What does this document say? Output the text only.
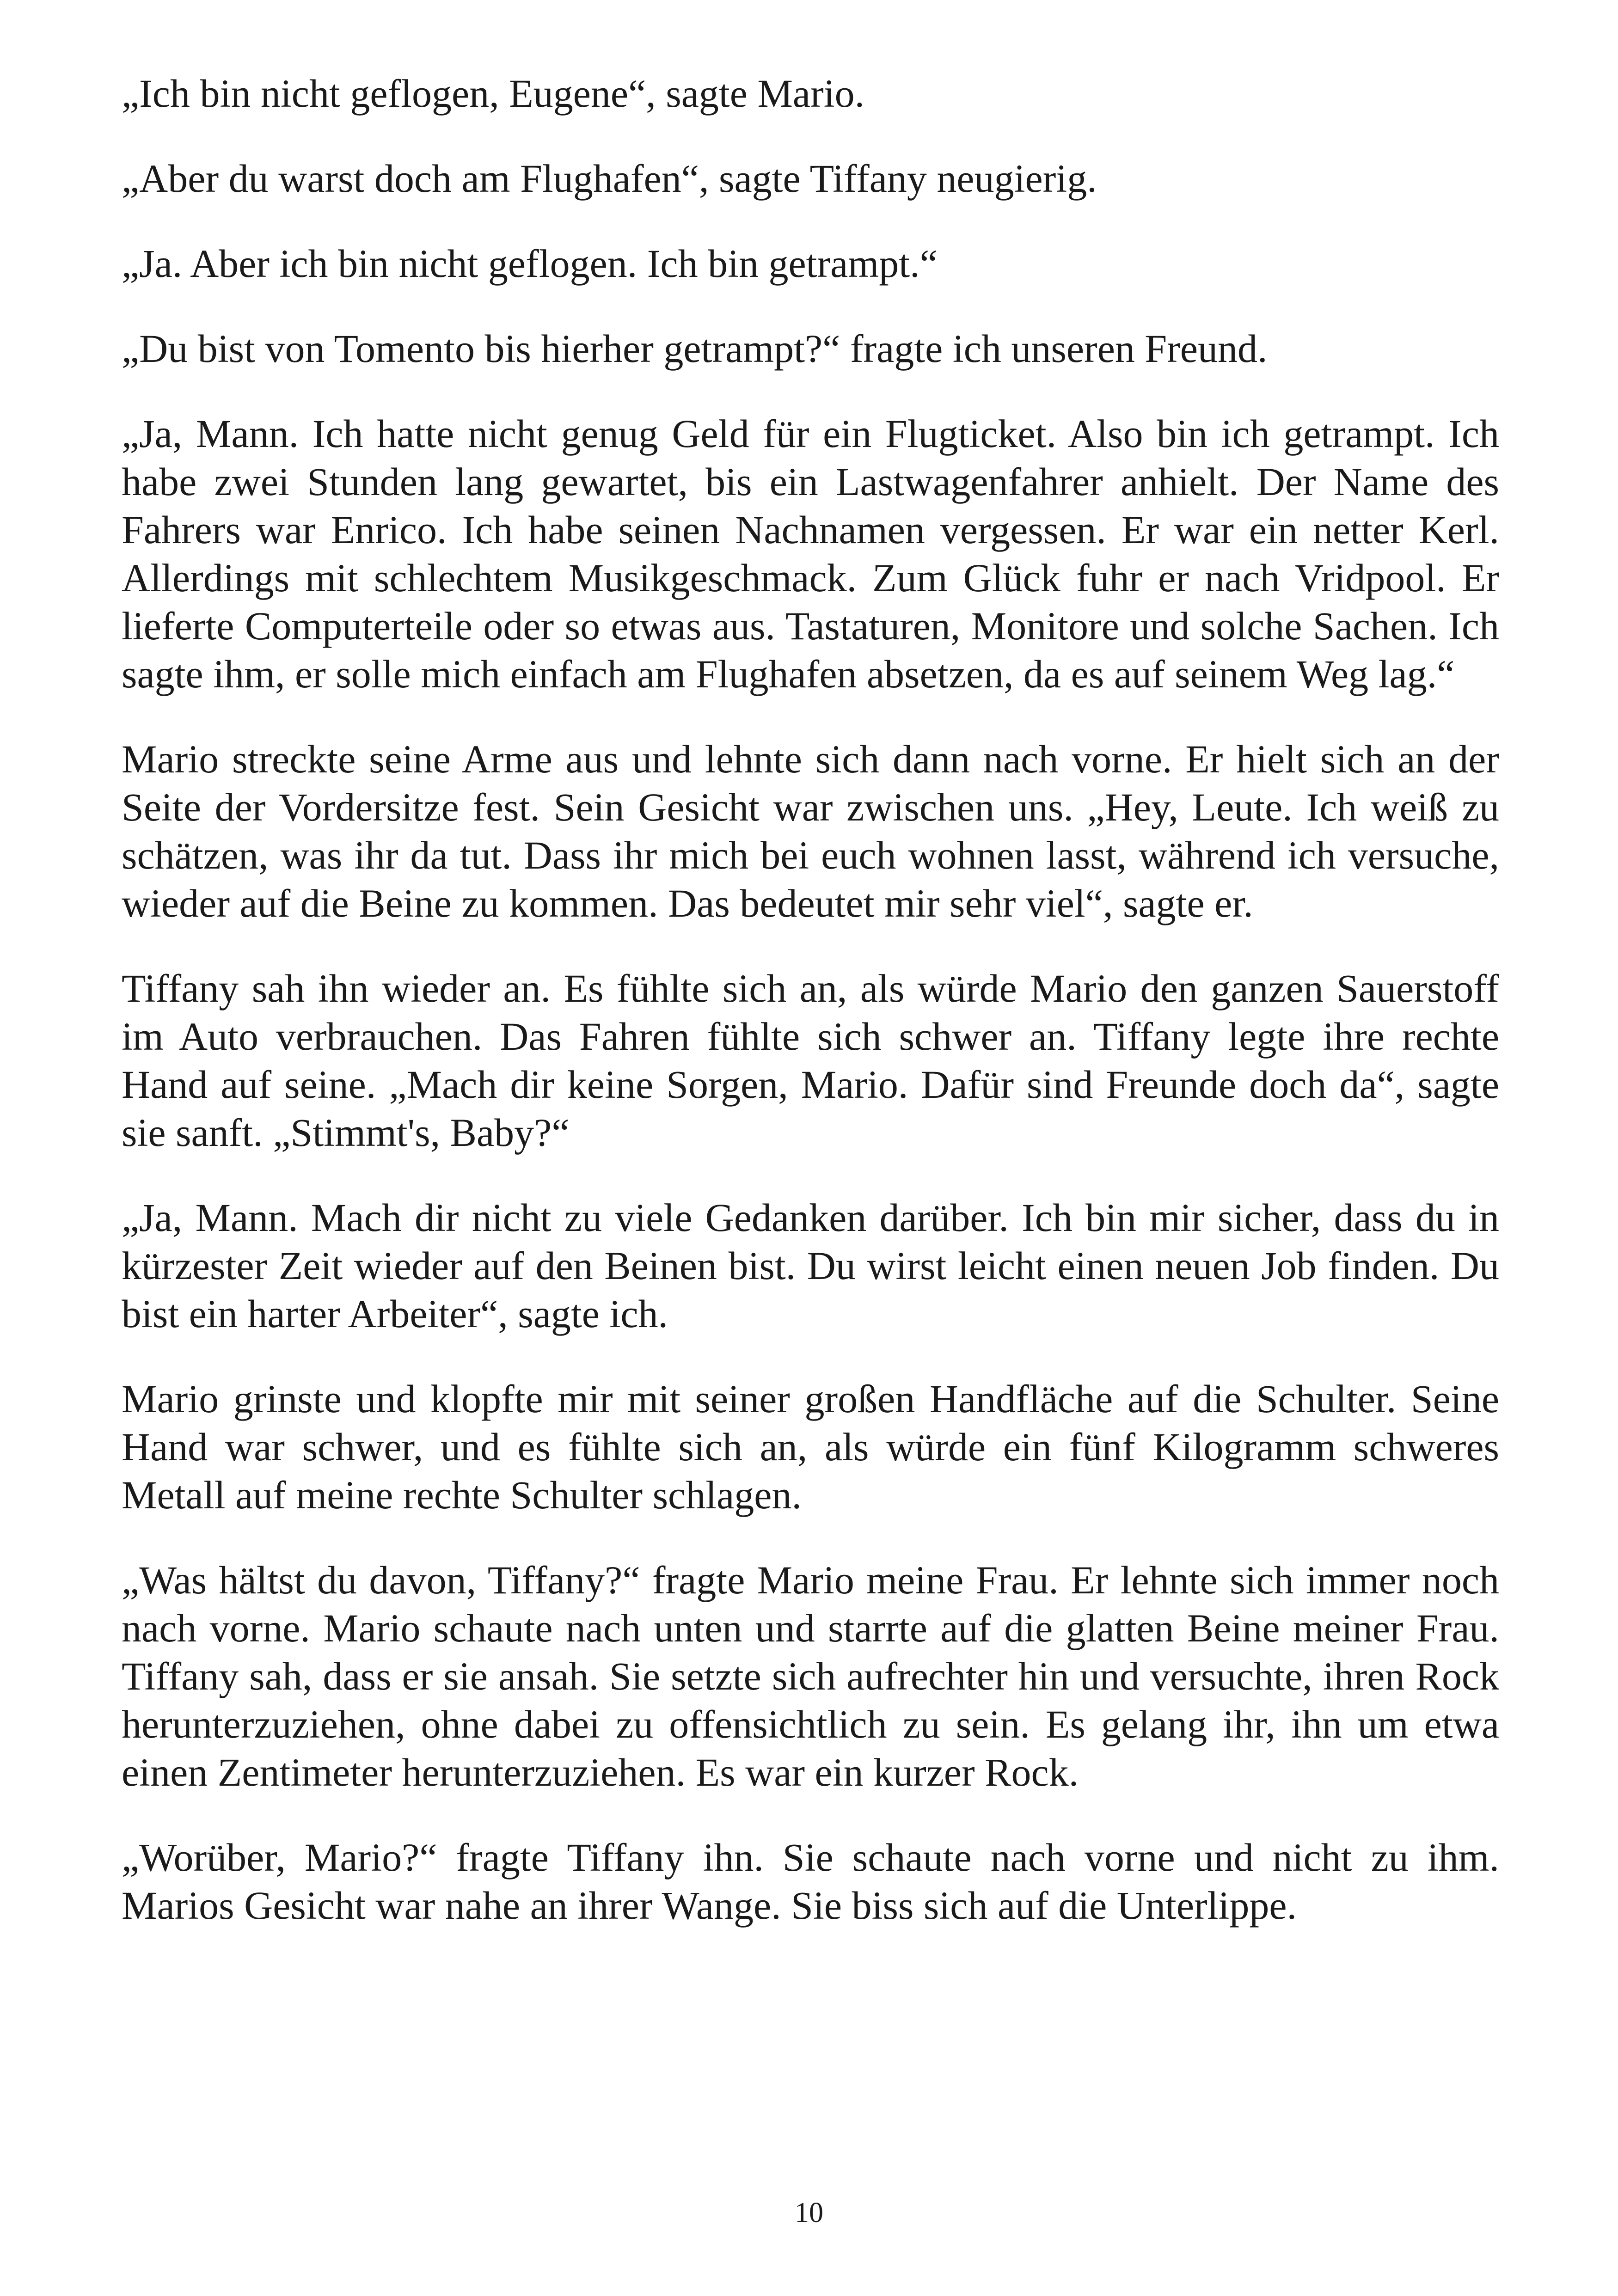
„Ich bin nicht geflogen, Eugene“, sagte Mario.

„Aber du warst doch am Flughafen“, sagte Tiffany neugierig.

„Ja. Aber ich bin nicht geflogen. Ich bin getrampt.“

„Du bist von Tomento bis hierher getrampt?“ fragte ich unseren Freund.

„Ja, Mann. Ich hatte nicht genug Geld für ein Flugticket. Also bin ich getrampt. Ich habe zwei Stunden lang gewartet, bis ein Lastwagenfahrer anhielt. Der Name des Fahrers war Enrico. Ich habe seinen Nachnamen vergessen. Er war ein netter Kerl. Allerdings mit schlechtem Musikgeschmack. Zum Glück fuhr er nach Vridpool. Er lieferte Computerteile oder so etwas aus. Tastaturen, Monitore und solche Sachen. Ich sagte ihm, er solle mich einfach am Flughafen absetzen, da es auf seinem Weg lag.“

Mario streckte seine Arme aus und lehnte sich dann nach vorne. Er hielt sich an der Seite der Vordersitze fest. Sein Gesicht war zwischen uns. „Hey, Leute. Ich weiß zu schätzen, was ihr da tut. Dass ihr mich bei euch wohnen lasst, während ich versuche, wieder auf die Beine zu kommen. Das bedeutet mir sehr viel“, sagte er.

Tiffany sah ihn wieder an. Es fühlte sich an, als würde Mario den ganzen Sauerstoff im Auto verbrauchen. Das Fahren fühlte sich schwer an. Tiffany legte ihre rechte Hand auf seine. „Mach dir keine Sorgen, Mario. Dafür sind Freunde doch da“, sagte sie sanft. „Stimmt's, Baby?“

„Ja, Mann. Mach dir nicht zu viele Gedanken darüber. Ich bin mir sicher, dass du in kürzester Zeit wieder auf den Beinen bist. Du wirst leicht einen neuen Job finden. Du bist ein harter Arbeiter“, sagte ich.

Mario grinste und klopfte mir mit seiner großen Handfläche auf die Schulter. Seine Hand war schwer, und es fühlte sich an, als würde ein fünf Kilogramm schweres Metall auf meine rechte Schulter schlagen.

„Was hältst du davon, Tiffany?“ fragte Mario meine Frau. Er lehnte sich immer noch nach vorne. Mario schaute nach unten und starrte auf die glatten Beine meiner Frau. Tiffany sah, dass er sie ansah. Sie setzte sich aufrechter hin und versuchte, ihren Rock herunterzuziehen, ohne dabei zu offensichtlich zu sein. Es gelang ihr, ihn um etwa einen Zentimeter herunterzuziehen. Es war ein kurzer Rock.

„Worüber, Mario?“ fragte Tiffany ihn. Sie schaute nach vorne und nicht zu ihm. Marios Gesicht war nahe an ihrer Wange. Sie biss sich auf die Unterlippe.

10
